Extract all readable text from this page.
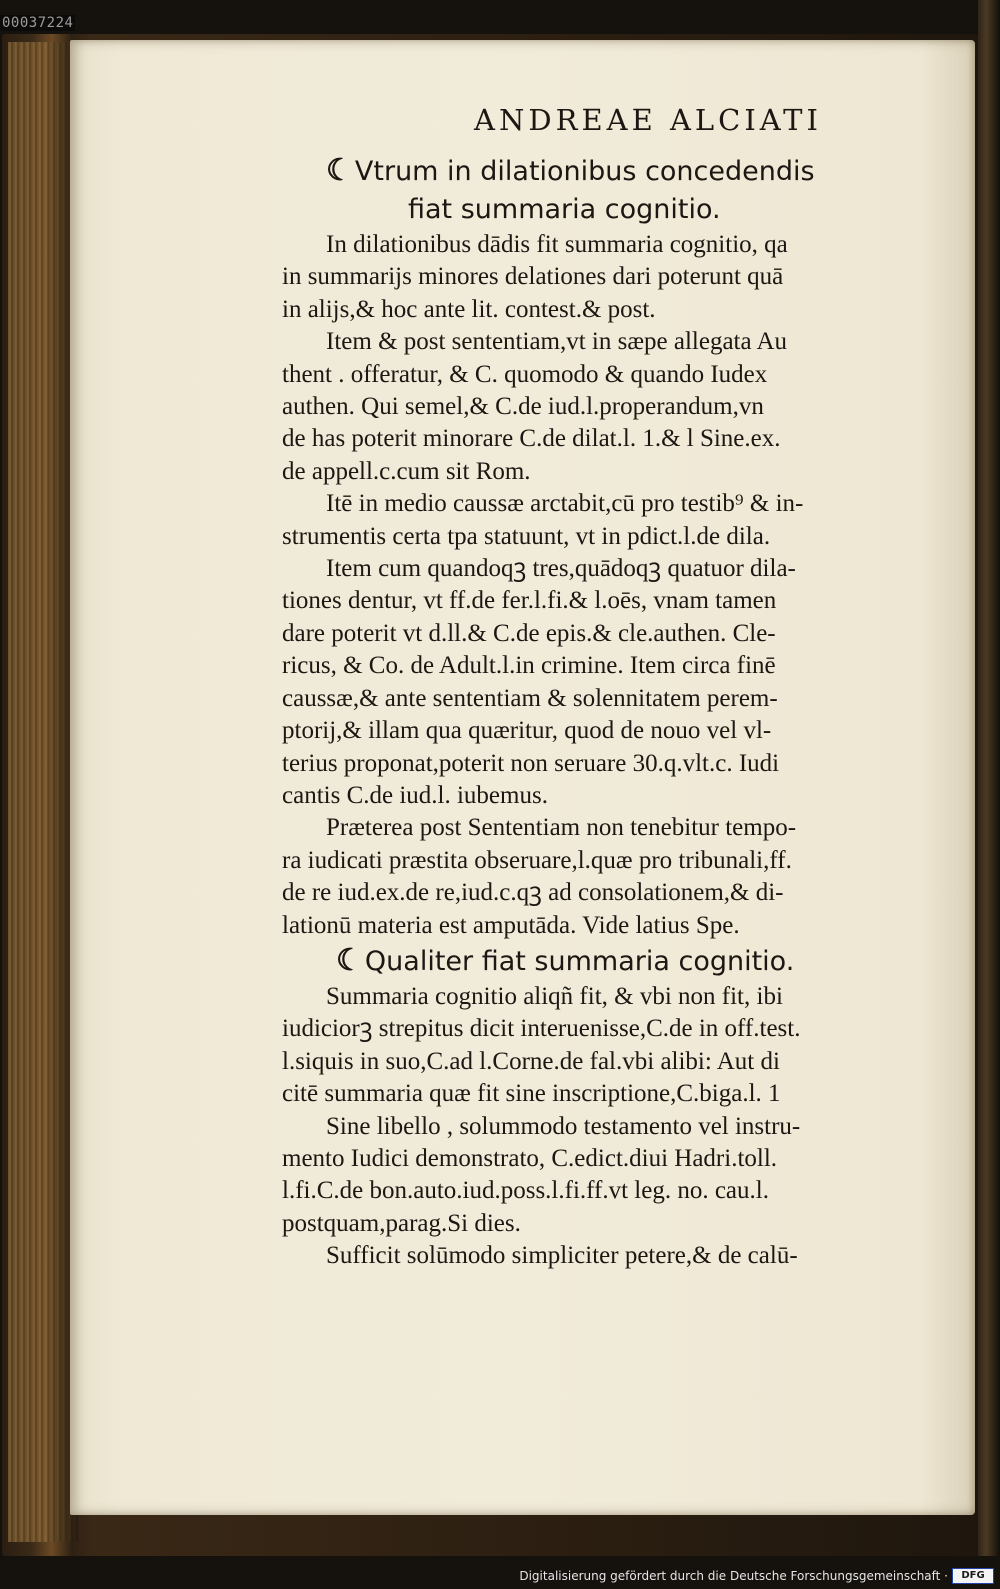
00037224
ANDREAE ALCIATI
☾Vtrum in dilationibus concedendis
fiat summaria cognitio.

In dilationibus dādis fit summaria cognitio, qa
in summarijs minores delationes dari poterunt quā
in alijs,& hoc ante lit. contest.& post.

Item & post sententiam,vt in sæpe allegata Au
thent . offeratur, & C. quomodo & quando Iudex
authen. Qui semel,& C.de iud.l.properandum,vn
de has poterit minorare C.de dilat.l. 1.& l Sine.ex.
de appell.c.cum sit Rom.

Itē in medio caussæ arctabit,cū pro testib⁹ & in-
strumentis certa tpa statuunt, vt in pdict.l.de dila.

Item cum quandoqꝫ tres,quādoqꝫ quatuor dila-
tiones dentur, vt ff.de fer.l.fi.& l.oēs, vnam tamen
dare poterit vt d.ll.& C.de epis.& cle.authen. Cle-
ricus, & Co. de Adult.l.in crimine. Item circa finē
caussæ,& ante sententiam & solennitatem perem-
ptorij,& illam qua quæritur, quod de nouo vel vl-
terius proponat,poterit non seruare 30.q.vlt.c. Iudi
cantis C.de iud.l. iubemus.

Præterea post Sententiam non tenebitur tempo-
ra iudicati præstita obseruare,l.quæ pro tribunali,ff.
de re iud.ex.de re,iud.c.qꝫ ad consolationem,& di-
lationū materia est amputāda. Vide latius Spe.

☾Qualiter fiat summaria cognitio.

Summaria cognitio aliqñ fit, & vbi non fit, ibi
iudiciorꝫ strepitus dicit interuenisse,C.de in off.test.
l.siquis in suo,C.ad l.Corne.de fal.vbi alibi: Aut di
citē summaria quæ fit sine inscriptione,C.biga.l. 1

Sine libello , solummodo testamento vel instru-
mento Iudici demonstrato, C.edict.diui Hadri.toll.
l.fi.C.de bon.auto.iud.poss.l.fi.ff.vt leg. no. cau.l.
postquam,parag.Si dies.

Sufficit solūmodo simpliciter petere,& de calū-

Digitalisierung gefördert durch die Deutsche Forschungsgemeinschaft ·	DFG
